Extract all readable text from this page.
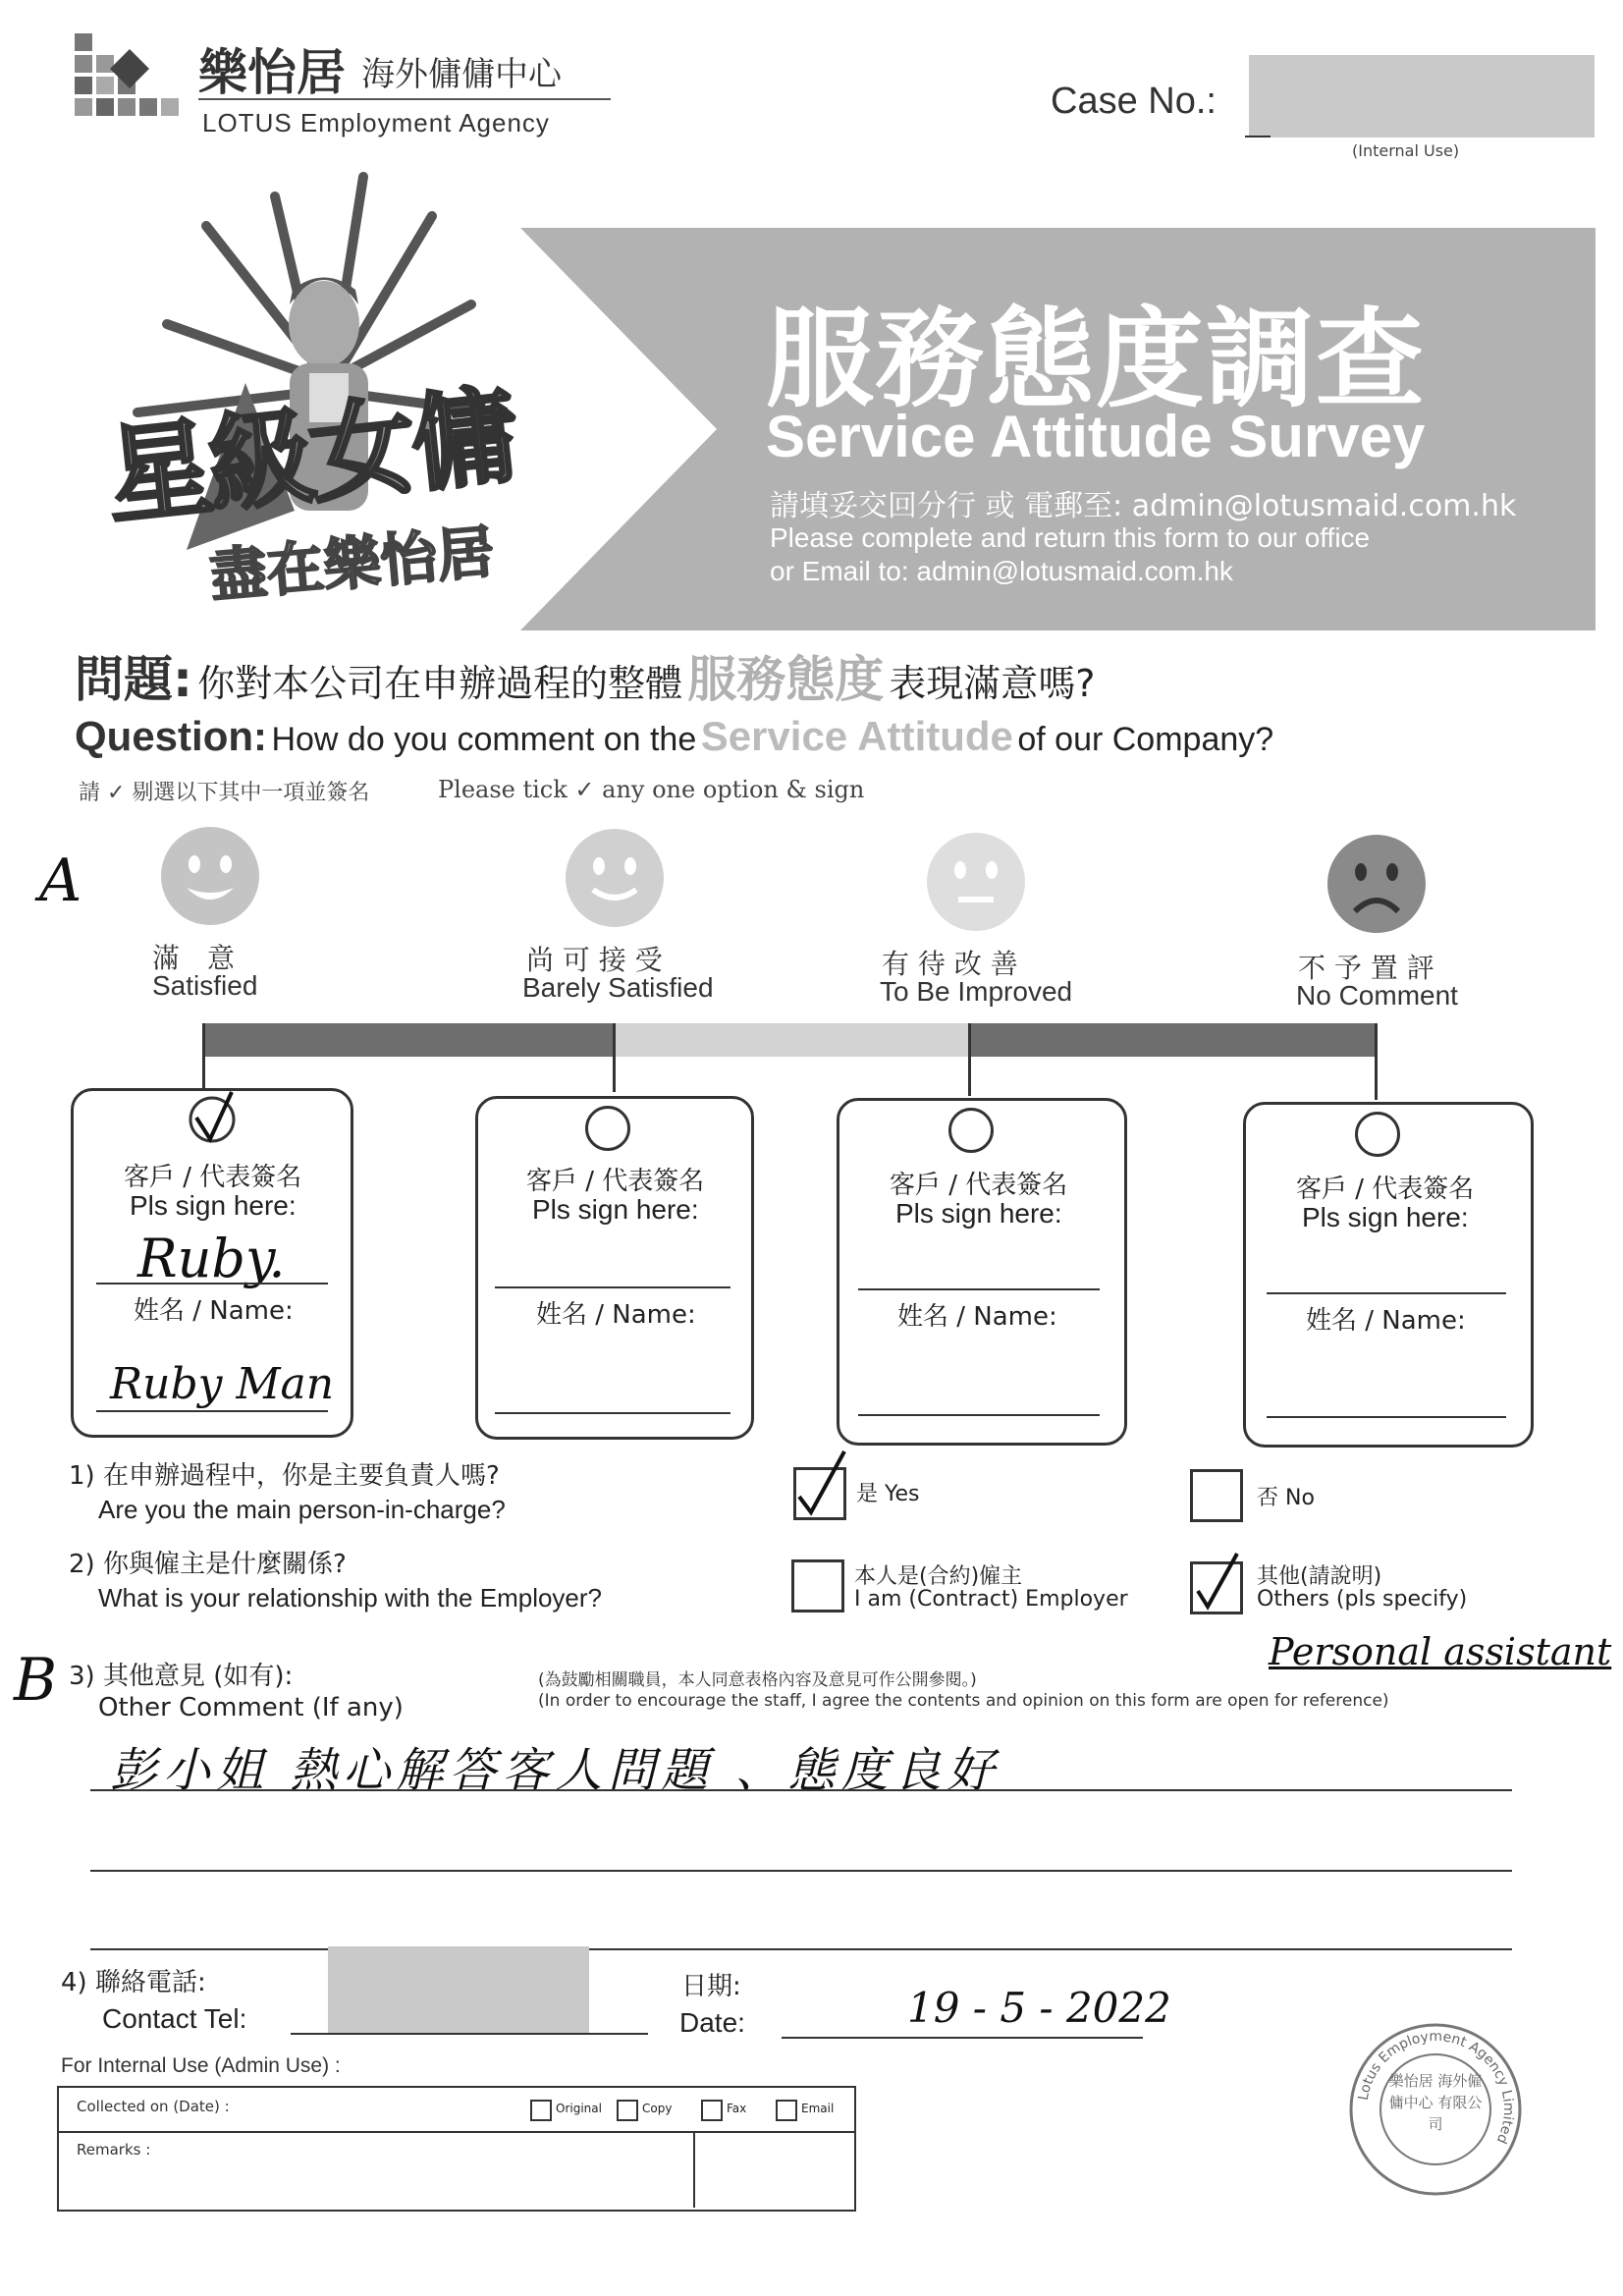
樂怡居 海外傭傭中心
LOTUS Employment Agency
Case No.:
(Internal Use)
星級女傭
盡在樂怡居
服務態度調查
Service Attitude Survey
請填妥交回分行 或 電郵至: admin@lotusmaid.com.hk
Please complete and return this form to our office
or Email to: admin@lotusmaid.com.hk
問題: 你對本公司在申辦過程的整體 服務態度 表現滿意嗎?
Question: How do you comment on the Service Attitude of our Company?
請 ✓ 剔選以下其中一項並簽名	Please tick ✓ any one option & sign
A
滿　意
Satisfied
尚 可 接 受
Barely Satisfied
有 待 改 善
To Be Improved
不 予 置 評
No Comment
客戶 / 代表簽名
Pls sign here:
Ruby.
姓名 / Name:
Ruby Man
客戶 / 代表簽名
Pls sign here:
姓名 / Name:
客戶 / 代表簽名
Pls sign here:
姓名 / Name:
客戶 / 代表簽名
Pls sign here:
姓名 / Name:
1) 在申辦過程中，你是主要負責人嗎?
Are you the main person-in-charge?
是 Yes	否 No
2) 你與僱主是什麼關係?
What is your relationship with the Employer?
本人是(合約)僱主
I am (Contract) Employer
其他(請說明)
Others (pls specify)
Personal assistant
B 3) 其他意見 (如有):
Other Comment (If any)
(為鼓勵相關職員，本人同意表格內容及意見可作公開參閱。)
(In order to encourage the staff, I agree the contents and opinion on this form are open for reference)
彭小姐 熱心解答客人問題 、態度良好
4) 聯絡電話:
Contact Tel:
日期:
Date:	19 - 5 - 2022
Lotus Employment Agency Limited
樂怡居 海外僱傭中心 有限公司
For Internal Use (Admin Use) :
Collected on (Date) :
Remarks :
Original	Copy	Fax	Email
